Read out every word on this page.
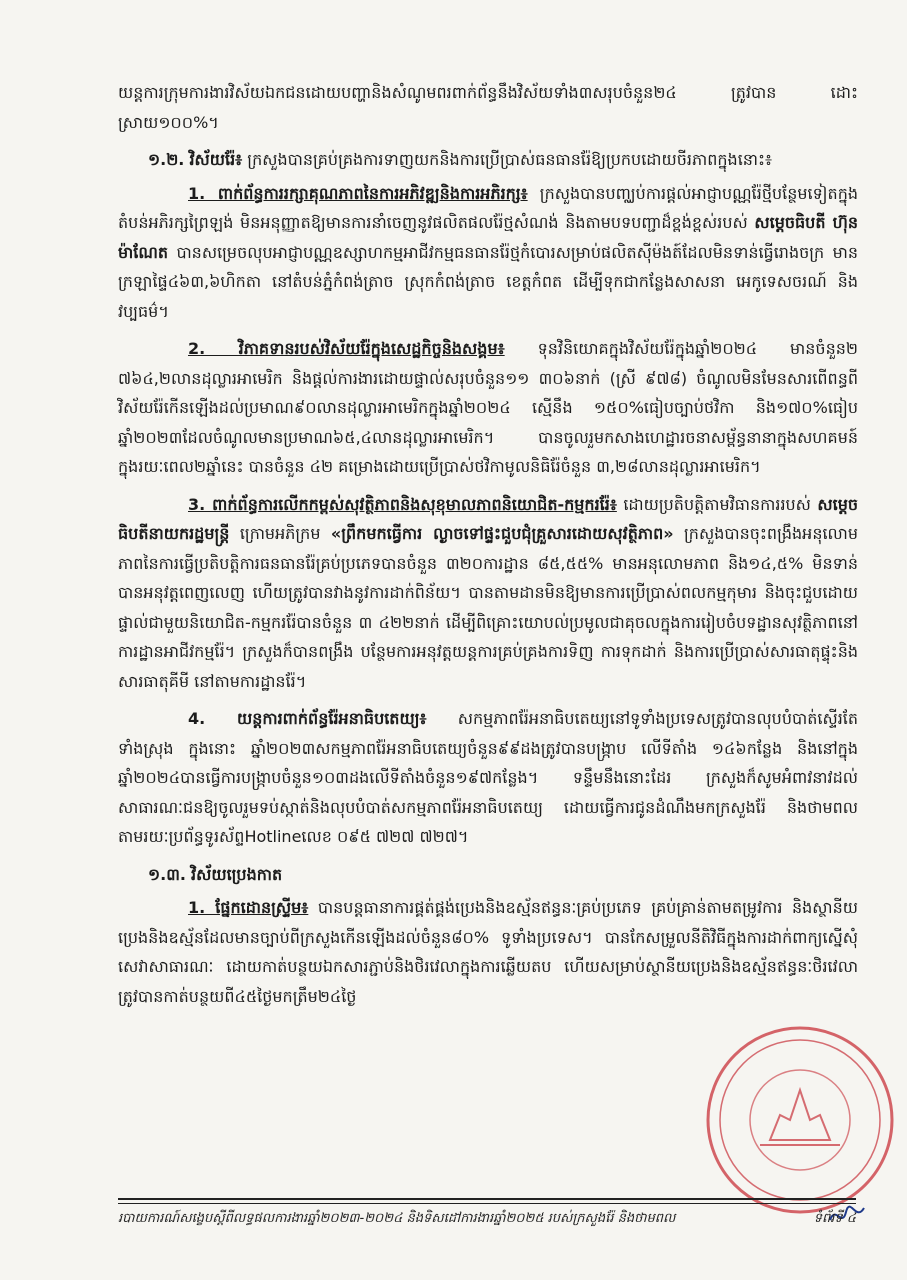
យន្តការក្រុមការងារវិស័យឯកជនដោយបញ្ហានិងសំណូមពរពាក់ព័ន្ធនឹងវិស័យទាំង៣សរុបចំនួន២៤ ត្រូវបាន ដោះស្រាយ១០០%។

១.២. វិស័យរ៉ែ៖ ក្រសួងបានគ្រប់គ្រងការទាញយកនិងការប្រើប្រាស់ធនធានរ៉ែឱ្យប្រកបដោយចីរភាពក្នុងនោះ៖

1. ពាក់ព័ន្ធការរក្សាគុណភាពនៃការអភិវឌ្ឍនិងការអភិរក្ស៖ ក្រសួងបានបញ្ឈប់ការផ្តល់អាជ្ញាបណ្ណរ៉ែថ្មីបន្ថែមទៀតក្នុងតំបន់អភិរក្សព្រៃឡង់ មិនអនុញ្ញាតឱ្យមានការនាំចេញនូវផលិតផលរ៉ែថ្មសំណង់ និងតាមបទបញ្ជាដ៏ខ្ពង់ខ្ពស់របស់ សម្តេចធិបតី ហ៊ុន ម៉ាណែត បានសម្រេចលុបអាជ្ញាបណ្ណឧស្សាហកម្មអាជីវកម្មធនធានរ៉ែថ្មកំបោរសម្រាប់ផលិតស៊ីម៉ងត៍ដែលមិនទាន់ធ្វើរោងចក្រ មានក្រឡាផ្ទៃ៤៦៣,៦ហិកតា នៅតំបន់ភ្នំកំពង់ត្រាច ស្រុកកំពង់ត្រាច ខេត្តកំពត ដើម្បីទុកជាកន្លែងសាសនា អេកូទេសចរណ៍ និងវប្បធម៌។

2. វិភាគទានរបស់វិស័យរ៉ែក្នុងសេដ្ឋកិច្ចនិងសង្គម៖ ទុនវិនិយោគក្នុងវិស័យរ៉ែក្នុងឆ្នាំ២០២៤ មានចំនួន២ ៧៦៤,២លានដុល្លារអាមេរិក និងផ្តល់ការងារដោយផ្ទាល់សរុបចំនួន១១ ៣០៦នាក់ (ស្រី ៩៧៨) ចំណូលមិនមែនសារពើពន្ធពីវិស័យរ៉ែកើនឡើងដល់ប្រមាណ៩០លានដុល្លារអាមេរិកក្នុងឆ្នាំ២០២៤ ស្មើនឹង ១៥០%ធៀបច្បាប់ថវិកា និង១៧០%ធៀបឆ្នាំ២០២៣ដែលចំណូលមានប្រមាណ៦៥,៤លានដុល្លារអាមេរិក។ បានចូលរួមកសាងហេដ្ឋារចនាសម្ព័ន្ធនានាក្នុងសហគមន៍ ក្នុងរយៈពេល២ឆ្នាំនេះ បានចំនួន ៤២ គម្រោងដោយប្រើប្រាស់ថវិកាមូលនិធិរ៉ែចំនួន ៣,២៨លានដុល្លារអាមេរិក។

3. ពាក់ព័ន្ធការលើកកម្ពស់សុវត្ថិភាពនិងសុខុមាលភាពនិយោជិត-កម្មកររ៉ែ៖ ដោយប្រតិបត្តិតាមវិធានការរបស់ សម្តេចធិបតីនាយករដ្ឋមន្ត្រី ក្រោមអភិក្រម «ព្រឹកមកធ្វើការ ល្ងាចទៅផ្ទះជួបជុំគ្រួសារដោយសុវត្ថិភាព» ក្រសួងបានចុះពង្រឹងអនុលោមភាពនៃការធ្វើប្រតិបត្តិការធនធានរ៉ែគ្រប់ប្រភេទបានចំនួន ៣២០ការដ្ឋាន ៨៥,៥៥% មានអនុលោមភាព និង១៤,៥% មិនទាន់បានអនុវត្តពេញលេញ ហើយត្រូវបានវាងនូវការដាក់ពិន័យ។ បានតាមដានមិនឱ្យមានការប្រើប្រាស់ពលកម្មកុមារ និងចុះជួបដោយផ្ទាល់ជាមួយនិយោជិត-កម្មកររ៉ែបានចំនួន ៣ ៤២២នាក់ ដើម្បីពិគ្រោះយោបល់ប្រមូលជាគុចលក្នុងការរៀបចំបទដ្ឋានសុវត្ថិភាពនៅការដ្ឋានអាជីវកម្មរ៉ែ។ ក្រសួងក៏បានពង្រឹង បន្ថែមការអនុវត្តយន្តការគ្រប់គ្រងការទិញ ការទុកដាក់ និងការប្រើប្រាស់សារធាតុផ្ទុះនិងសារធាតុគីមី នៅតាមការដ្ឋានរ៉ែ។

4. យន្តការពាក់ព័ន្ធរ៉ែអនាធិបតេយ្យ៖ សកម្មភាពរ៉ែអនាធិបតេយ្យនៅទូទាំងប្រទេសត្រូវបានលុបបំបាត់ស្ទើរតែទាំងស្រុង ក្នុងនោះ ឆ្នាំ២០២៣សកម្មភាពរ៉ែអនាធិបតេយ្យចំនួន៩៩ដងត្រូវបានបង្ក្រាប លើទីតាំង ១៤៦កន្លែង និងនៅក្នុងឆ្នាំ២០២៤បានធ្វើការបង្ក្រាបចំនួន១០៣ដងលើទីតាំងចំនួន១៩៧កន្លែង។ ទន្ទឹមនឹងនោះដែរ ក្រសួងក៏សូមអំពាវនាវដល់សាធារណៈជនឱ្យចូលរួមទប់ស្កាត់និងលុបបំបាត់សកម្មភាពរ៉ែអនាធិបតេយ្យ ដោយធ្វើការជូនដំណឹងមកក្រសួងរ៉ែ និងថាមពល តាមរយៈប្រព័ន្ធទូរស័ព្ទHotlineលេខ ០៩៥ ៧២៧ ៧២៧។

១.៣. វិស័យប្រេងកាត

1. ផ្នែកដោនស្ទ្រីម៖ បានបន្តធានាការផ្គត់ផ្គង់ប្រេងនិងឧស្ម័នឥន្ធនៈគ្រប់ប្រភេទ គ្រប់គ្រាន់តាមតម្រូវការ និងស្ថានីយប្រេងនិងឧស្ម័នដែលមានច្បាប់ពីក្រសួងកើនឡើងដល់ចំនួន៨០% ទូទាំងប្រទេស។ បានកែសម្រួលនីតិវិធីក្នុងការដាក់ពាក្យស្នើសុំសេវាសាធារណៈ ដោយកាត់បន្ថយឯកសារភ្ជាប់និងថិរវេលាក្នុងការឆ្លើយតប ហើយសម្រាប់ស្ថានីយប្រេងនិងឧស្ម័នឥន្ធនៈថិរវេលាត្រូវបានកាត់បន្ថយពី៤៥ថ្ងៃមកត្រឹម២៤ថ្ងៃ

របាយការណ៍សង្ខេបស្តីពីលទ្ធផលការងារឆ្នាំ២០២៣-២០២៤ និងទិសដៅការងារឆ្នាំ២០២៥ របស់ក្រសួងរ៉ែ និងថាមពល	ទំព័រទី ៤
